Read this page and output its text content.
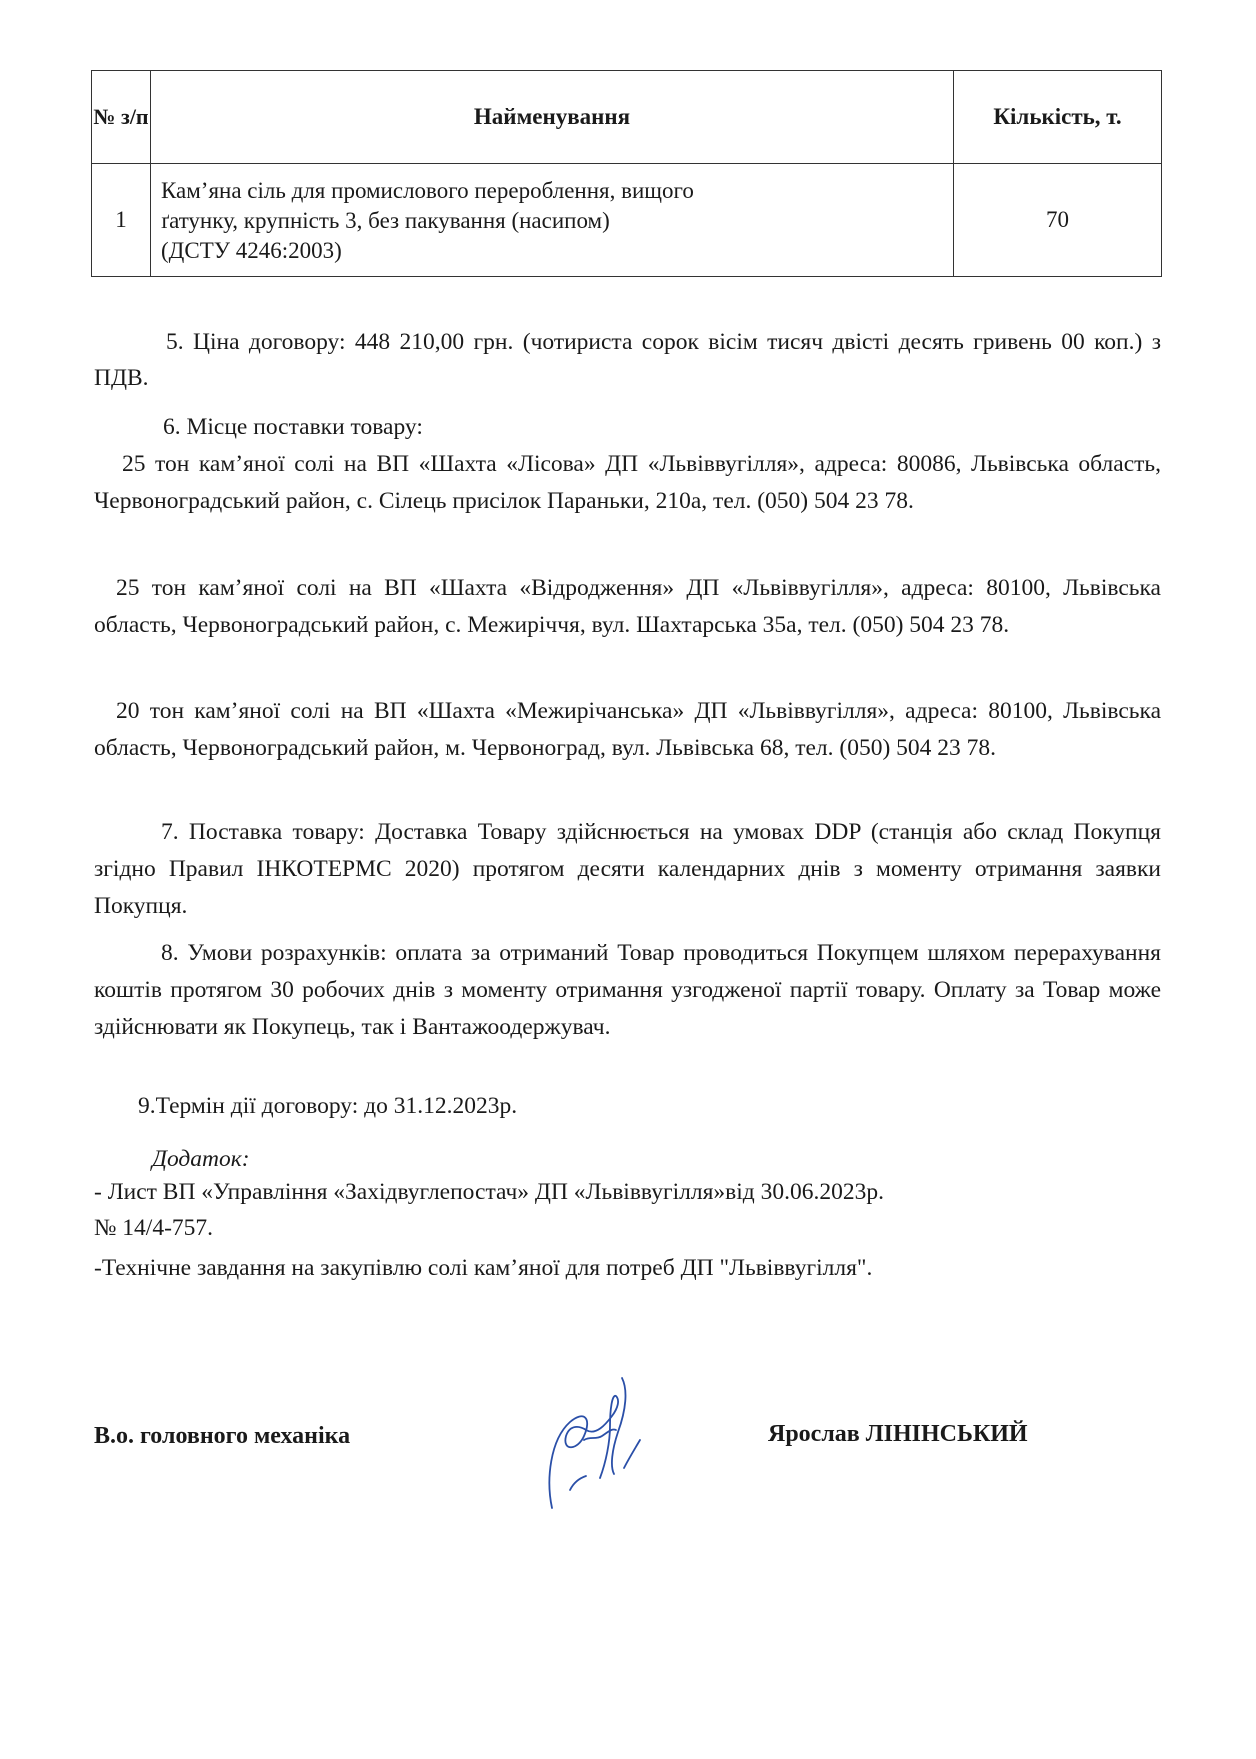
№ з/п	Найменування	Кількість, т.
1	Кам’яна сіль для промислового перероблення, вищого
ґатунку, крупність 3, без пакування (насипом)
(ДСТУ 4246:2003)	70

5. Ціна договору: 448 210,00 грн. (чотириста сорок вісім тисяч двісті десять гривень 00 коп.) з ПДВ.

6. Місце поставки товару:

25 тон кам’яної солі на ВП «Шахта «Лісова» ДП «Львіввугілля», адреса: 80086, Львівська область, Червоноградський район, с. Сілець присілок Параньки, 210а, тел. (050) 504 23 78.

25 тон кам’яної солі на ВП «Шахта «Відродження» ДП «Львіввугілля», адреса: 80100, Львівська область, Червоноградський район, с. Межиріччя, вул. Шахтарська 35а, тел. (050) 504 23 78.

20 тон кам’яної солі на ВП «Шахта «Межирічанська» ДП «Львіввугілля», адреса: 80100, Львівська область, Червоноградський район, м. Червоноград, вул. Львівська 68, тел. (050) 504 23 78.

7. Поставка товару: Доставка Товару здійснюється на умовах DDP (станція або склад Покупця згідно Правил ІНКОТЕРМС 2020) протягом десяти календарних днів з моменту отримання заявки Покупця.

8. Умови розрахунків: оплата за отриманий Товар проводиться Покупцем шляхом перерахування коштів протягом 30 робочих днів з моменту отримання узгодженої партії товару. Оплату за Товар може здійснювати як Покупець, так і Вантажоодержувач.

9.Термін дії договору: до 31.12.2023р.

Додаток:

- Лист ВП «Управління «Західвуглепостач» ДП «Львіввугілля»від 30.06.2023р.

№ 14/4-757.

-Технічне завдання на закупівлю солі кам’яної для потреб ДП "Львіввугілля".

В.о. головного механіка	Ярослав ЛІНІНСЬКИЙ
